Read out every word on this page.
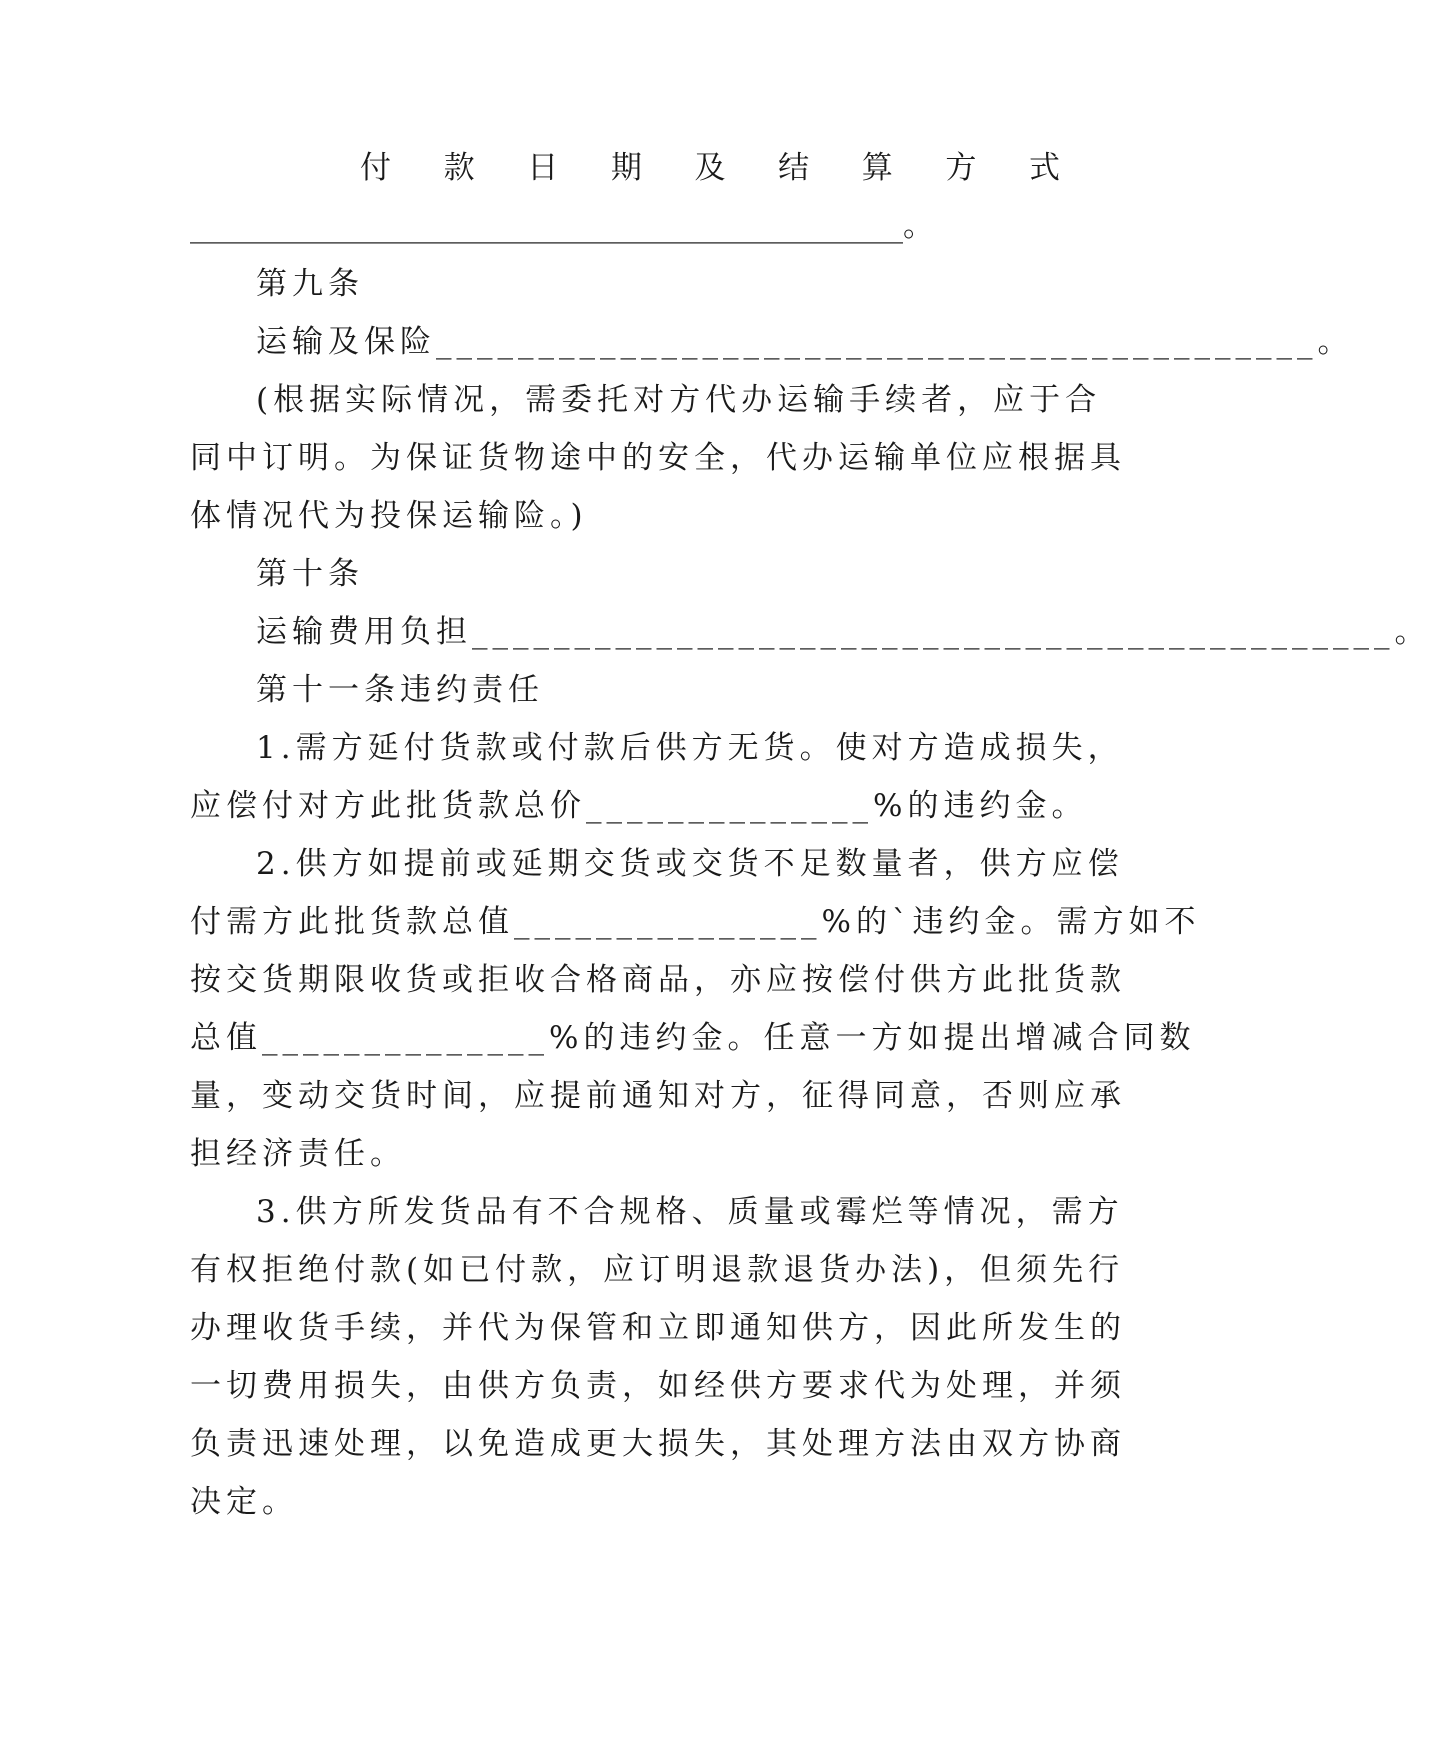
付 款 日 期 及 结 算 方 式
______________________________________________。
第九条
运输及保险___________________________________________。
(根据实际情况，需委托对方代办运输手续者，应于合
同中订明。为保证货物途中的安全，代办运输单位应根据具
体情况代为投保运输险。)
第十条
运输费用负担_____________________________________________。
第十一条违约责任
1.需方延付货款或付款后供方无货。使对方造成损失，
应偿付对方此批货款总价______________%的违约金。
2.供方如提前或延期交货或交货不足数量者，供方应偿
付需方此批货款总值_______________%的`违约金。需方如不
按交货期限收货或拒收合格商品，亦应按偿付供方此批货款
总值______________%的违约金。任意一方如提出增减合同数
量，变动交货时间，应提前通知对方，征得同意，否则应承
担经济责任。
3.供方所发货品有不合规格、质量或霉烂等情况，需方
有权拒绝付款(如已付款，应订明退款退货办法)，但须先行
办理收货手续，并代为保管和立即通知供方，因此所发生的
一切费用损失，由供方负责，如经供方要求代为处理，并须
负责迅速处理，以免造成更大损失，其处理方法由双方协商
决定。
